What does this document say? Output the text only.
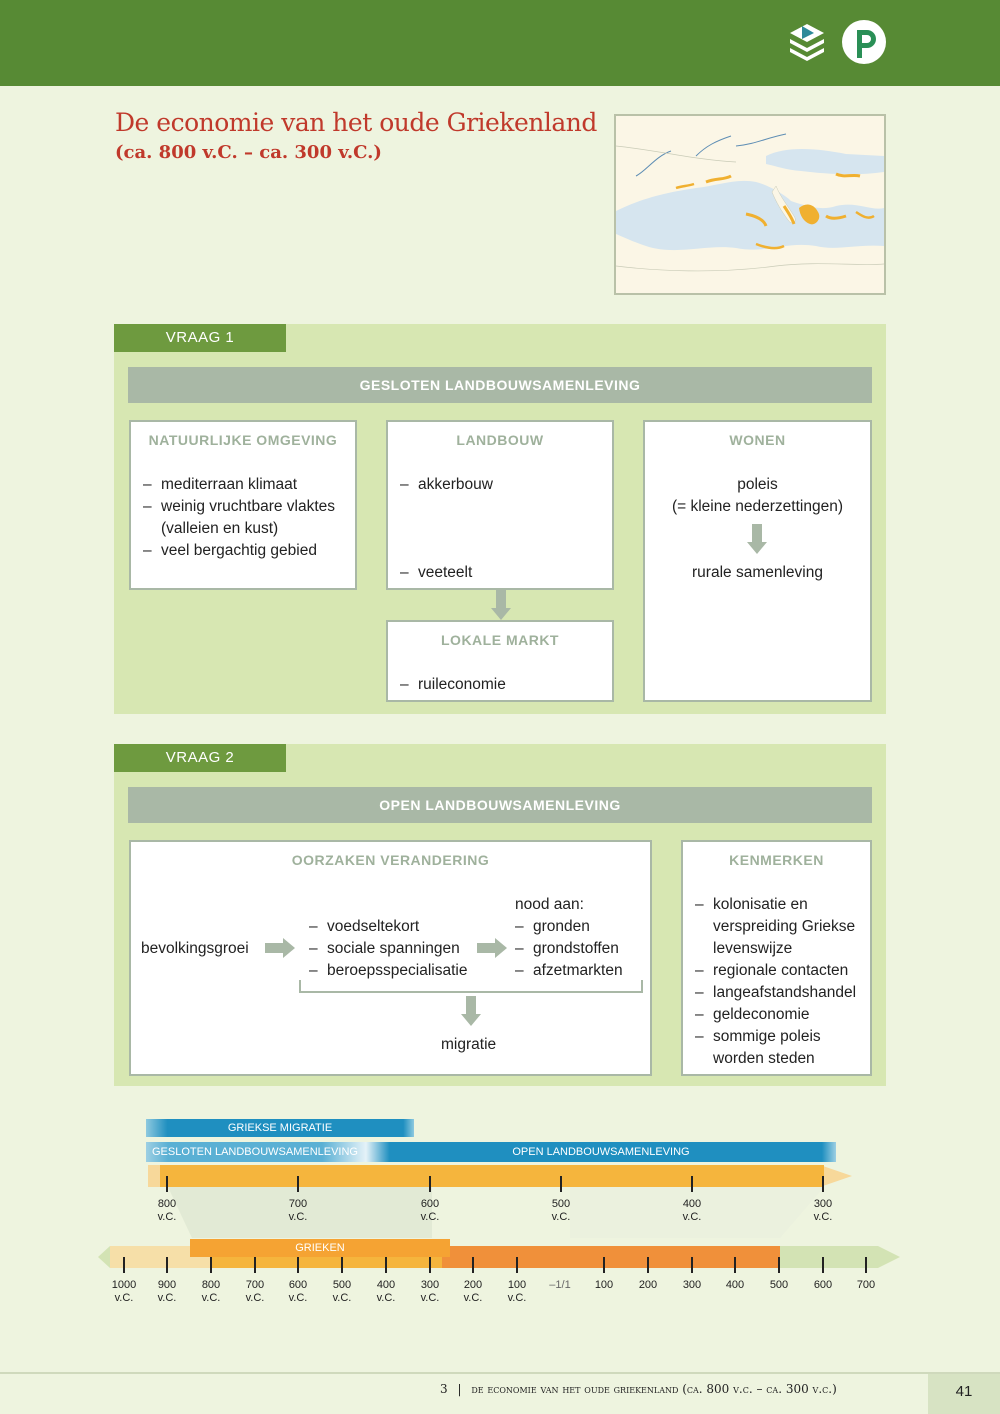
De economie van het oude Griekenland
(ca. 800 v.C. – ca. 300 v.C.)
VRAAG 1
GESLOTEN LANDBOUWSAMENLEVING
NATUURLIJKE OMGEVING
– mediterraan klimaat
– weinig vruchtbare vlaktes
(valleien en kust)
– veel bergachtig gebied
LANDBOUW
– akkerbouw
– veeteelt
WONEN
poleis
(= kleine nederzettingen)
rurale samenleving
LOKALE MARKT
– ruileconomie
VRAAG 2
OPEN LANDBOUWSAMENLEVING
OORZAKEN VERANDERING
bevolkingsgroei
– voedseltekort
– sociale spanningen
– beroepsspecialisatie
nood aan:
– gronden
– grondstoffen
– afzetmarkten
migratie
KENMERKEN
– kolonisatie en
verspreiding Griekse
levenswijze
– regionale contacten
– langeafstandshandel
– geldeconomie
– sommige poleis
worden steden
GRIEKSE MIGRATIE
GESLOTEN LANDBOUWSAMENLEVING	OPEN LANDBOUWSAMENLEVING
800
v.C.
700
v.C.
600
v.C.
500
v.C.
400
v.C.
300
v.C.
GRIEKEN
1000
v.C.
900
v.C.
800
v.C.
700
v.C.
600
v.C.
500
v.C.
400
v.C.
300
v.C.
200
v.C.
100
v.C.
–1/1	100	200	300	400	500	600	700
3 | de economie van het oude griekenland (ca. 800 v.c. – ca. 300 v.c.)	41
